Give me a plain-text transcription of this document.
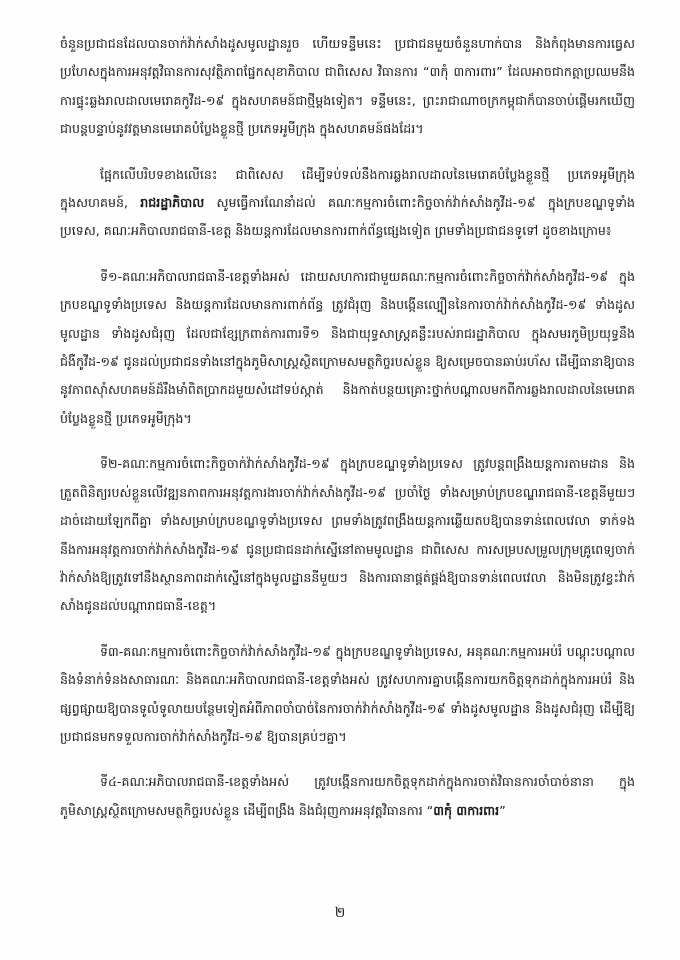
ចំនួនប្រជាជនដែលបានចាក់វ៉ាក់សាំងដូសមូលដ្ឋានរួច ហើយទន្ទឹមនេះ ប្រជាជនមួយចំនួនហាក់បាន និងកំពុងមានការធ្វេសប្រហែសក្នុងការអនុវត្តវិធានការសុវត្ថិភាពផ្នែកសុខាភិបាល ជាពិសេស វិធានការ “៣កុំ ៣ការពារ” ដែលអាចជាកត្តាប្រឈមនឹងការផ្ទុះឆ្លងរាលដាលមេរោគកូវីដ-១៩ ក្នុងសហគមន៍ជាថ្មីម្តងទៀត។ ទន្ទឹមនេះ, ព្រះរាជាណាចក្រកម្ពុជាក៏បានចាប់ផ្តើមរកឃើញជាបន្តបន្ទាប់នូវវត្តមានមេរោគបំប្លែងខ្លួនថ្មី ប្រភេទអូមីក្រុង ក្នុងសហគមន៍ផងដែរ។

ផ្អែកលើបរិបទខាងលើនេះ ជាពិសេស ដើម្បីទប់ទល់នឹងការឆ្លងរាលដាលនៃមេរោគបំប្លែងខ្លួនថ្មី ប្រភេទអូមីក្រុង ក្នុងសហគមន៍, រាជរដ្ឋាភិបាល សូមធ្វើការណែនាំដល់ គណៈកម្មការចំពោះកិច្ចចាក់វ៉ាក់សាំងកូវីដ-១៩ ក្នុងក្របខណ្ឌទូទាំងប្រទេស, គណៈអភិបាលរាជធានី-ខេត្ត និងយន្តការដែលមានការពាក់ព័ន្ធផ្សេងទៀត ព្រមទាំងប្រជាជនទូទៅ ដូចខាងក្រោម៖

ទី១-គណៈអភិបាលរាជធានី-ខេត្តទាំងអស់ ដោយសហការជាមួយគណៈកម្មការចំពោះកិច្ចចាក់វ៉ាក់សាំងកូវីដ-១៩ ក្នុងក្របខណ្ឌទូទាំងប្រទេស និងយន្តការដែលមានការពាក់ព័ន្ធ ត្រូវជំរុញ និងបង្កើនល្បឿននៃការចាក់វ៉ាក់សាំងកូវីដ-១៩ ទាំងដូសមូលដ្ឋាន ទាំងដូសជំរុញ ដែលជាខ្សែក្រពាត់ការពារទី១ និងជាយុទ្ធសាស្ត្រគន្លឹះរបស់រាជរដ្ឋាភិបាល ក្នុងសមរភូមិប្រយុទ្ធនឹងជំងឺកូវីដ-១៩ ជូនដល់ប្រជាជនទាំងនៅក្នុងភូមិសាស្ត្រស្ថិតក្រោមសមត្ថកិច្ចរបស់ខ្លួន ឱ្យសម្រេចបានឆាប់រហ័ស ដើម្បីធានាឱ្យបាននូវភាពស៊ាំសហគមន៍ដ៏រឹងមាំពិតប្រាកដមួយសំដៅទប់ស្កាត់ និងកាត់បន្ថយគ្រោះថ្នាក់បណ្តាលមកពីការឆ្លងរាលដាលនៃមេរោគបំប្លែងខ្លួនថ្មី ប្រភេទអូមីក្រុង។

ទី២-គណៈកម្មការចំពោះកិច្ចចាក់វ៉ាក់សាំងកូវីដ-១៩ ក្នុងក្របខណ្ឌទូទាំងប្រទេស ត្រូវបន្តពង្រឹងយន្តការតាមដាន និងត្រួតពិនិត្យរបស់ខ្លួនលើវឌ្ឍនភាពការអនុវត្តការងារចាក់វ៉ាក់សាំងកូវីដ-១៩ ប្រចាំថ្ងៃ ទាំងសម្រាប់ក្របខណ្ឌរាជធានី-ខេត្តនីមួយៗដាច់ដោយឡែកពីគ្នា ទាំងសម្រាប់ក្របខណ្ឌទូទាំងប្រទេស ព្រមទាំងត្រូវពង្រឹងយន្តការឆ្លើយតបឱ្យបានទាន់ពេលវេលា ទាក់ទងនឹងការអនុវត្តការចាក់វ៉ាក់សាំងកូវីដ-១៩ ជូនប្រជាជនដាក់ស្នើនៅតាមមូលដ្ឋាន ជាពិសេស ការសម្របសម្រួលក្រុមគ្រូពេទ្យចាក់វ៉ាក់សាំងឱ្យត្រូវទៅនឹងស្ថានភាពដាក់ស្នើនៅក្នុងមូលដ្ឋាននីមួយៗ និងការធានាផ្គត់ផ្គង់ឱ្យបានទាន់ពេលវេលា និងមិនត្រូវខ្វះវ៉ាក់សាំងជូនដល់បណ្តារាជធានី-ខេត្ត។

ទី៣-គណៈកម្មការចំពោះកិច្ចចាក់វ៉ាក់សាំងកូវីដ-១៩ ក្នុងក្របខណ្ឌទូទាំងប្រទេស, អនុគណៈកម្មការអប់រំ បណ្តុះបណ្តាល និងទំនាក់ទំនងសាធារណៈ និងគណៈអភិបាលរាជធានី-ខេត្តទាំងអស់ ត្រូវសហការគ្នាបង្កើនការយកចិត្តទុកដាក់ក្នុងការអប់រំ និងផ្សព្វផ្សាយឱ្យបានទូលំទូលាយបន្ថែមទៀតអំពីភាពចាំបាច់នៃការចាក់វ៉ាក់សាំងកូវីដ-១៩ ទាំងដូសមូលដ្ឋាន និងដូសជំរុញ ដើម្បីឱ្យប្រជាជនមកទទួលការចាក់វ៉ាក់សាំងកូវីដ-១៩ ឱ្យបានគ្រប់ៗគ្នា។

ទី៤-គណៈអភិបាលរាជធានី-ខេត្តទាំងអស់ ត្រូវបង្កើនការយកចិត្តទុកដាក់ក្នុងការចាត់វិធានការចាំបាច់នានា ក្នុងភូមិសាស្ត្រស្ថិតក្រោមសមត្ថកិច្ចរបស់ខ្លួន ដើម្បីពង្រឹង និងជំរុញការអនុវត្តវិធានការ “៣កុំ ៣ការពារ”

២
